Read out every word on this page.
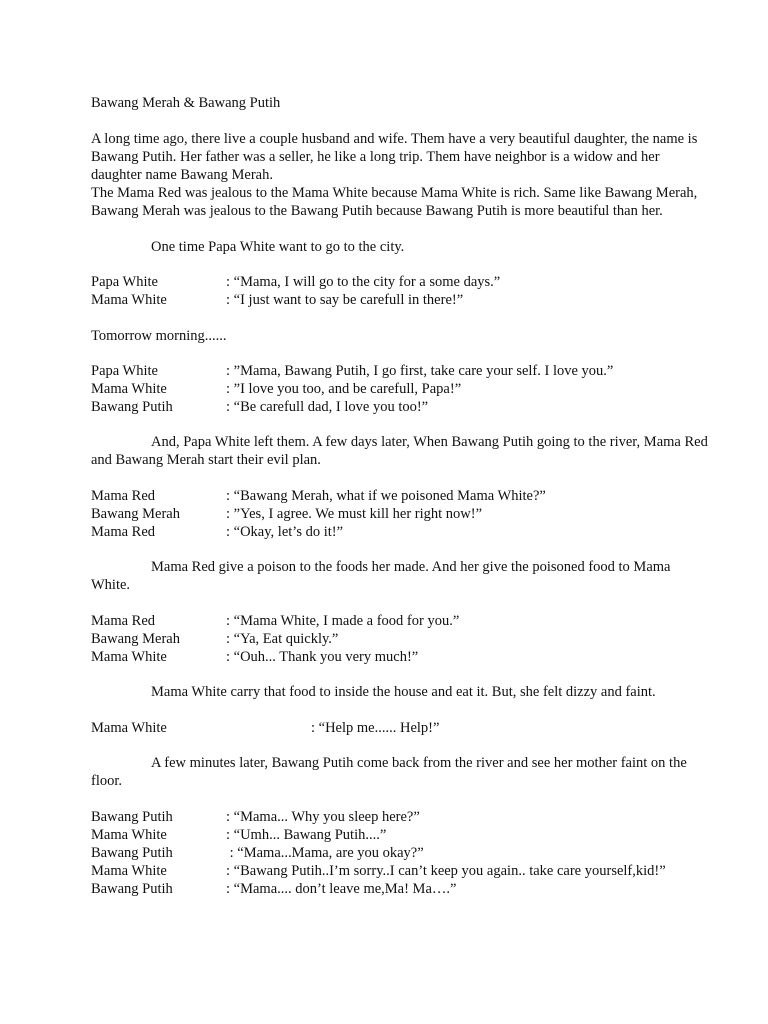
Bawang Merah & Bawang Putih

A long time ago, there live a couple husband and wife. Them have a very beautiful daughter, the name is Bawang Putih. Her father was a seller, he like a long trip. Them have neighbor is a widow and her daughter name Bawang Merah.

The Mama Red was jealous to the Mama White because Mama White is rich. Same like Bawang Merah, Bawang Merah was jealous to the Bawang Putih because Bawang Putih is more beautiful than her.

One time Papa White want to go to the city.

Papa White	: “Mama, I will go to the city for a some days.”
Mama White	: “I just want to say be carefull in there!”

Tomorrow morning......

Papa White	: ”Mama, Bawang Putih, I go first, take care your self. I love you.”
Mama White	: ”I love you too, and be carefull, Papa!”
Bawang Putih	: “Be carefull dad, I love you too!”

And, Papa White left them. A few days later, When Bawang Putih going to the river, Mama Red and Bawang Merah start their evil plan.

Mama Red	: “Bawang Merah, what if we poisoned Mama White?”
Bawang Merah	: ”Yes, I agree. We must kill her right now!”
Mama Red	: “Okay, let’s do it!”

Mama Red give a poison to the foods her made. And her give the poisoned food to Mama White.

Mama Red	: “Mama White, I made a food for you.”
Bawang Merah	: “Ya, Eat quickly.”
Mama White	: “Ouh... Thank you very much!”

Mama White carry that food to inside the house and eat it. But, she felt dizzy and faint.

Mama White	: “Help me...... Help!”

A few minutes later, Bawang Putih come back from the river and see her mother faint on the floor.

Bawang Putih	: “Mama... Why you sleep here?”
Mama White	: “Umh... Bawang Putih....”
Bawang Putih	: “Mama...Mama, are you okay?”
Mama White	: “Bawang Putih..I’m sorry..I can’t keep you again.. take care yourself,kid!”
Bawang Putih	: “Mama.... don’t leave me,Ma! Ma….”
